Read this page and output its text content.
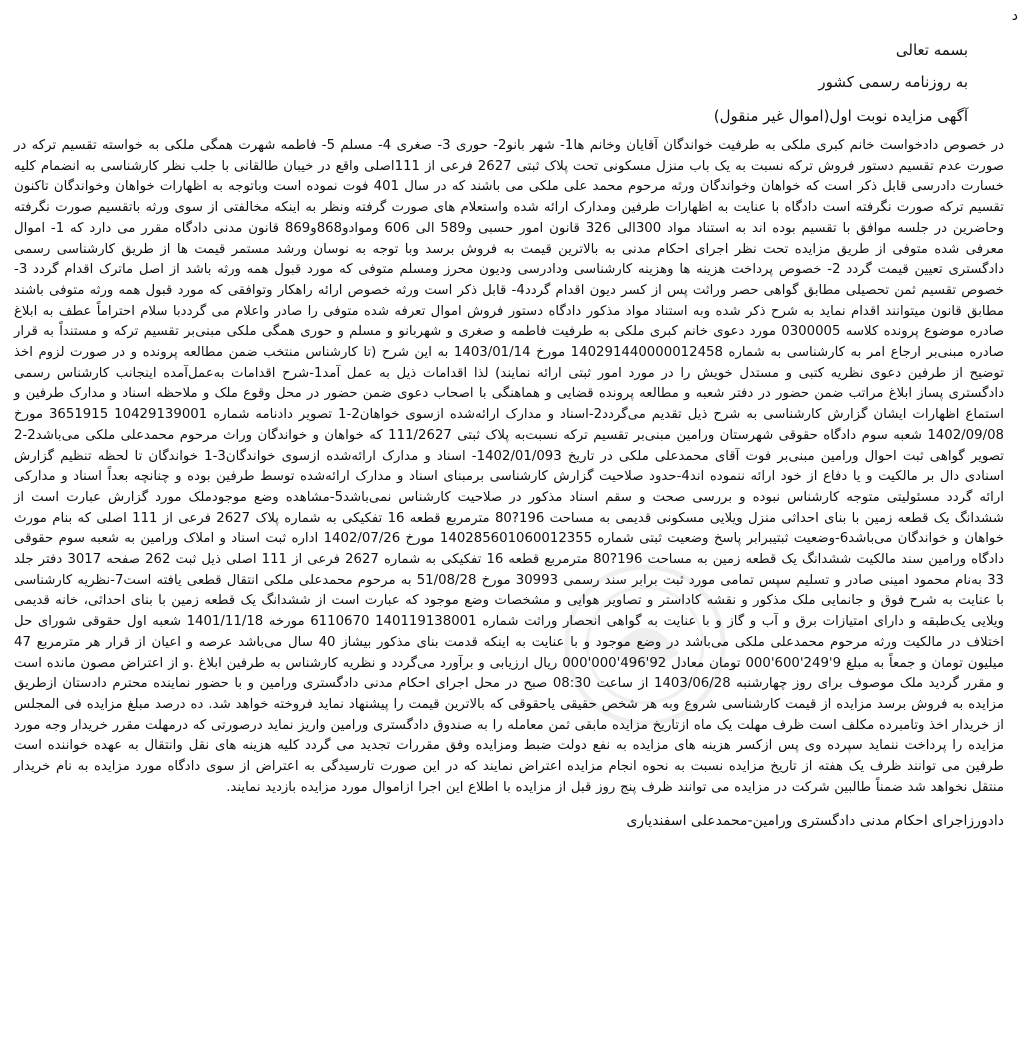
د

بسمه تعالی

به روزنامه رسمی کشور

آگهی مزایده نوبت اول(اموال غیر منقول)

در خصوص دادخواست خانم کبری ملکی به طرفیت خواندگان آقایان وخانم ها1- شهر بانو2- حوری 3- صغری 4- مسلم 5- فاطمه شهرت همگی ملکی به خواسته تقسیم ترکه در صورت عدم تقسیم دستور فروش ترکه نسبت به یک باب منزل مسکونی تحت پلاک ثبتی 2627 فرعی از 111اصلی واقع در خیبان طالقانی با جلب نظر کارشناسی به انضمام کلیه خسارت دادرسی قابل ذکر است که خواهان وخواندگان ورثه مرحوم محمد علی ملکی می باشند که در سال 401 فوت نموده است وباتوجه به اظهارات خواهان وخواندگان تاکنون تقسیم ترکه صورت نگرفته است دادگاه با عنایت به اظهارات طرفین ومدارک ارائه شده واستعلام های صورت گرفته ونظر به اینکه مخالفتی از سوی ورثه باتقسیم صورت نگرفته وحاضرین در جلسه موافق با تقسیم بوده اند به استناد مواد 300الی 326 قانون امور حسبی و589 الی 606 وموادو868و869 قانون مدنی دادگاه مقرر می دارد که 1- اموال معرفی شده متوفی از طریق مزایده تحت نظر اجرای احکام مدنی به بالاترین قیمت به فروش برسد وبا توجه به نوسان ورشد مستمر قیمت ها از طریق کارشناسی رسمی دادگستری تعیین قیمت گردد 2- خصوص پرداخت هزینه ها وهزینه کارشناسی ودادرسی ودیون محرز ومسلم متوفی که مورد قبول همه ورثه باشد از اصل ماترک اقدام گردد 3- خصوص تقسیم ثمن تحصیلی مطابق گواهی حصر وراثت پس از کسر دیون اقدام گردد4- قابل ذکر است ورثه خصوص ارائه راهکار وتوافقی که مورد قبول همه ورثه متوفی باشند مطابق قانون میتوانند اقدام نماید به شرح ذکر شده وبه استناد مواد مذکور دادگاه دستور فروش اموال تعرفه شده متوفی را صادر واعلام می گرددبا سلام احتراماً عطف به ابلاغ صادره موضوع پرونده کلاسه 0300005 مورد دعوی خانم کبری ملکی به طرفیت فاطمه و صغری و شهربانو و مسلم و حوری همگی ملکی مبنی‌بر تقسیم ترکه و مستنداً به قرار صادره مبنی‌بر ارجاع امر به کارشناسی به شماره 140291440000012458 مورخ 1403/01/14 به این شرح (تا کارشناس منتخب ضمن مطالعه پرونده و در صورت لزوم اخذ توضیح از طرفین دعوی نظریه کتبی و مستدل خویش را در مورد امور ثبتی ارائه نمایند) لذا اقدامات ذیل به عمل آمد1-شرح اقدامات به‌عمل‌آمده اینجانب کارشناس رسمی دادگستری پساز ابلاغ مراتب ضمن حضور در دفتر شعبه و مطالعه پرونده قضایی و هماهنگی با اصحاب دعوی ضمن حضور در محل وقوع ملک و ملاحظه اسناد و مدارک طرفین و استماع اظهارات ایشان گزارش کارشناسی به شرح ذیل تقدیم می‌گردد2-اسناد و مدارک ارائه‌شده ازسوی خواهان2-1 تصویر دادنامه شماره 10429139001 3651915 مورخ 1402/09/08 شعبه سوم دادگاه حقوقی شهرستان ورامین مبنی‌بر تقسیم ترکه نسبت‌به پلاک ثبتی 111/2627 که خواهان و خواندگان وراث مرحوم محمدعلی ملکی می‌باشد2-2 تصویر گواهی ثبت احوال ورامین مبنی‌بر فوت آقای محمدعلی ملکی در تاریخ 1402/01/093- اسناد و مدارک ارائه‌شده ازسوی خواندگان3-1 خواندگان تا لحظه تنظیم گزارش اسنادی دال بر مالکیت و یا دفاع از خود ارائه ننموده اند4-حدود صلاحیت گزارش کارشناسی برمبنای اسناد و مدارک ارائه‌شده توسط طرفین بوده و چنانچه بعداً اسناد و مدارکی ارائه گردد مسئولیتی متوجه کارشناس نبوده و بررسی صحت و سقم اسناد مذکور در صلاحیت کارشناس نمی‌باشد5-مشاهده وضع موجودملک مورد گزارش عبارت است از ششدانگ یک قطعه زمین با بنای احداثی منزل ویلایی مسکونی قدیمی به مساحت 196?80 مترمربع قطعه 16 تفکیکی به شماره پلاک 2627 فرعی از 111 اصلی که بنام مورث خواهان و خواندگان می‌باشد6-وضعیت ثبتیبرابر پاسخ وضعیت ثبتی شماره 140285601060012355 مورخ 1402/07/26 اداره ثبت اسناد و املاک ورامین به شعبه سوم حقوقی دادگاه ورامین سند مالکیت ششدانگ یک قطعه زمین به مساحت 196?80 مترمربع قطعه 16 تفکیکی به شماره 2627 فرعی از 111 اصلی ذیل ثبت 262 صفحه 3017 دفتر جلد 33 به‌نام محمود امینی صادر و تسلیم سپس تمامی مورد ثبت برابر سند رسمی 30993 مورخ 51/08/28 به مرحوم محمدعلی ملکی انتقال قطعی یافته است7-نظریه کارشناسی با عنایت به شرح فوق و جانمایی ملک مذکور و نقشه کاداستر و تصاویر هوایی و مشخصات وضع موجود که عبارت است از ششدانگ یک قطعه زمین با بنای احداثی، خانه قدیمی ویلایی یک‌طبقه و دارای امتیازات برق و آب و گاز و با عنایت به گواهی انحصار وراثت شماره 140119138001 6110670 مورخه 1401/11/18 شعبه اول حقوقی شورای حل اختلاف در مالکیت ورثه مرحوم محمدعلی ملکی می‌باشد در وضع موجود و با عنایت به اینکه قدمت بنای مذکور بیشاز 40 سال می‌باشد عرصه و اعیان از قرار هر مترمربع 47 میلیون تومان و جمعاً به مبلغ 9'249'600'000 تومان معادل 92'496'000'000 ریال ارزیابی و برآورد می‌گردد و نظریه کارشناس به طرفین ابلاغ .و از اعتراض مصون مانده است و مقرر گردید ملک موصوف برای روز چهارشنبه 1403/06/28 از ساعت 08:30 صبح در محل اجرای احکام مدنی دادگستری ورامین و با حضور نماینده محترم دادستان ازطریق مزایده به فروش برسد مزایده از قیمت کارشناسی شروع وبه هر شخص حقیقی یاحقوقی که بالاترین قیمت را پیشنهاد نماید فروخته خواهد شد. ده درصد مبلغ مزایده فی المجلس از خریدار اخذ وتامبرده مکلف است ظرف مهلت یک ماه ازتاریخ مزایده مابقی ثمن معامله را به صندوق دادگستری ورامین واریز نماید درصورتی که درمهلت مقرر خریدار وجه مورد مزایده را پرداخت ننماید سپرده وی پس ازکسر هزینه های مزایده به نفع دولت ضبط ومزایده وفق مقررات تجدید می گردد کلیه هزینه های نقل وانتقال به عهده خواننده است طرفین می توانند ظرف یک هفته از تاریخ مزایده نسبت به نحوه انجام مزایده اعتراض نمایند که در این صورت تارسیدگی به اعتراض از سوی دادگاه مورد مزایده به نام خریدار منتقل نخواهد شد ضمناً طالبین شرکت در مزایده می توانند ظرف پنج روز قبل از مزایده با اطلاع این اجرا ازاموال مورد مزایده بازدید نمایند.

دادورزاجرای احکام مدنی دادگستری ورامین-محمدعلی اسفندیاری
